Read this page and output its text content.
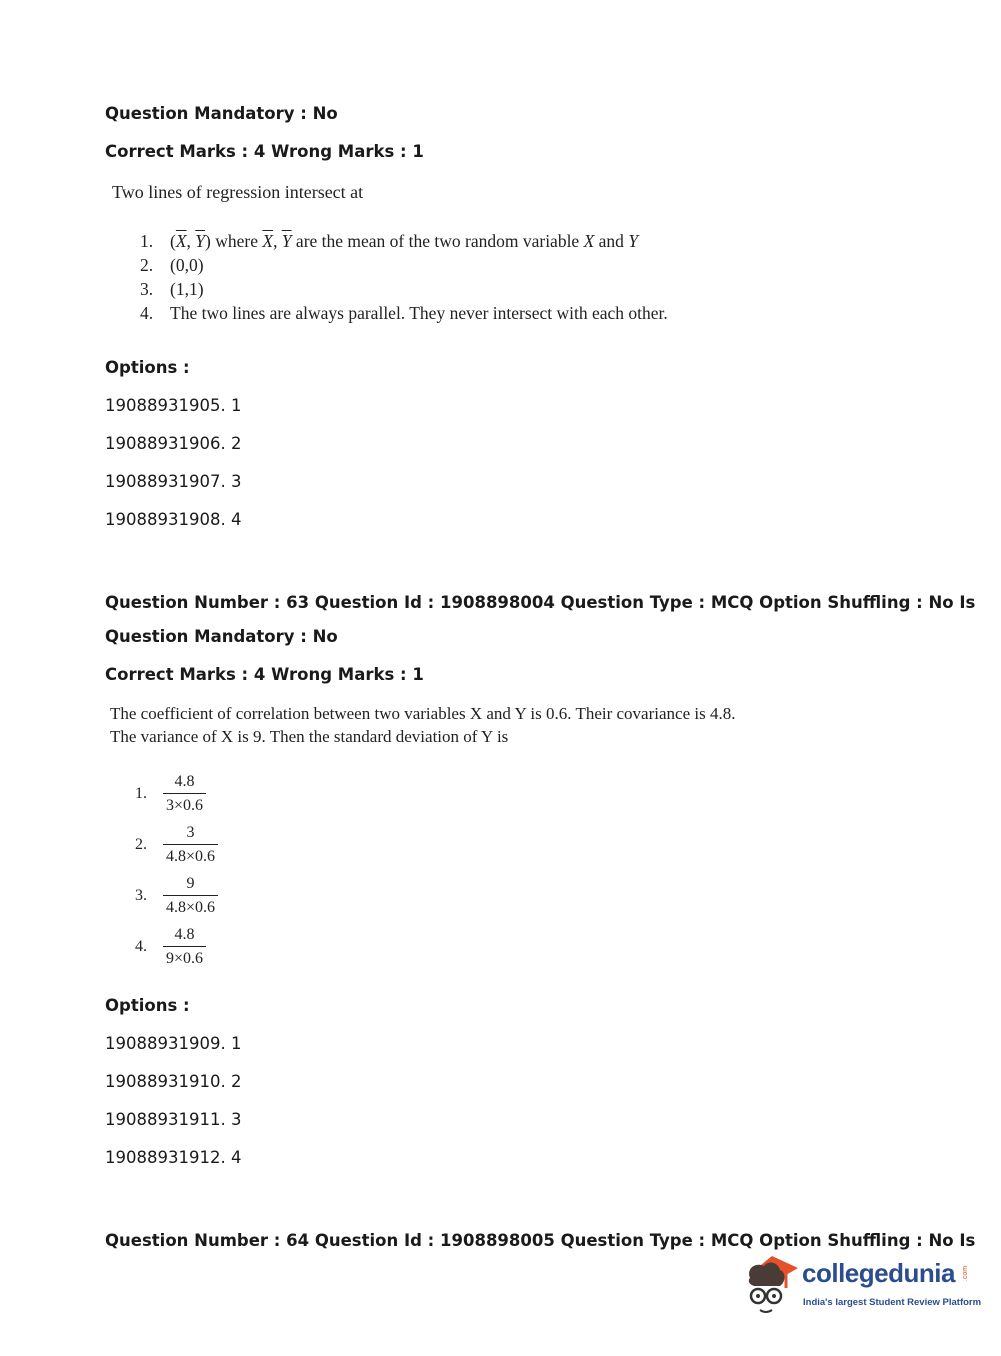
Question Mandatory : No
Correct Marks : 4 Wrong Marks : 1
Two lines of regression intersect at
1. ($\overline{X}$, $\overline{Y}$)
where
$\overline{X}$, $\overline{Y}$
are the mean of the two random variable
X
and
Y
2. (0,0)
3. (1,1)
4. The two lines are always parallel. They never intersect with each other.
Options :
19088931905. 1
19088931906. 2
19088931907. 3
19088931908. 4
Question Number : 63 Question Id : 1908898004 Question Type : MCQ Option Shuffling : No Is
Question Mandatory : No
Correct Marks : 4 Wrong Marks : 1
The coefficient of correlation between two variables X and Y is 0.6. Their covariance is 4.8.
The variance of X is 9. Then the standard deviation of Y is
1.	$\frac{4.8}{3\times 0.6}$
2.	$\frac{3}{4.8\times 0.6}$
3.	$\frac{9}{4.8\times 0.6}$
4.	$\frac{4.8}{9\times 0.6}$
Options :
19088931909. 1
19088931910. 2
19088931911. 3
19088931912. 4
Question Number : 64 Question Id : 1908898005 Question Type : MCQ Option Shuffling : No Is
collegedunia .com
India's largest Student Review Platform
